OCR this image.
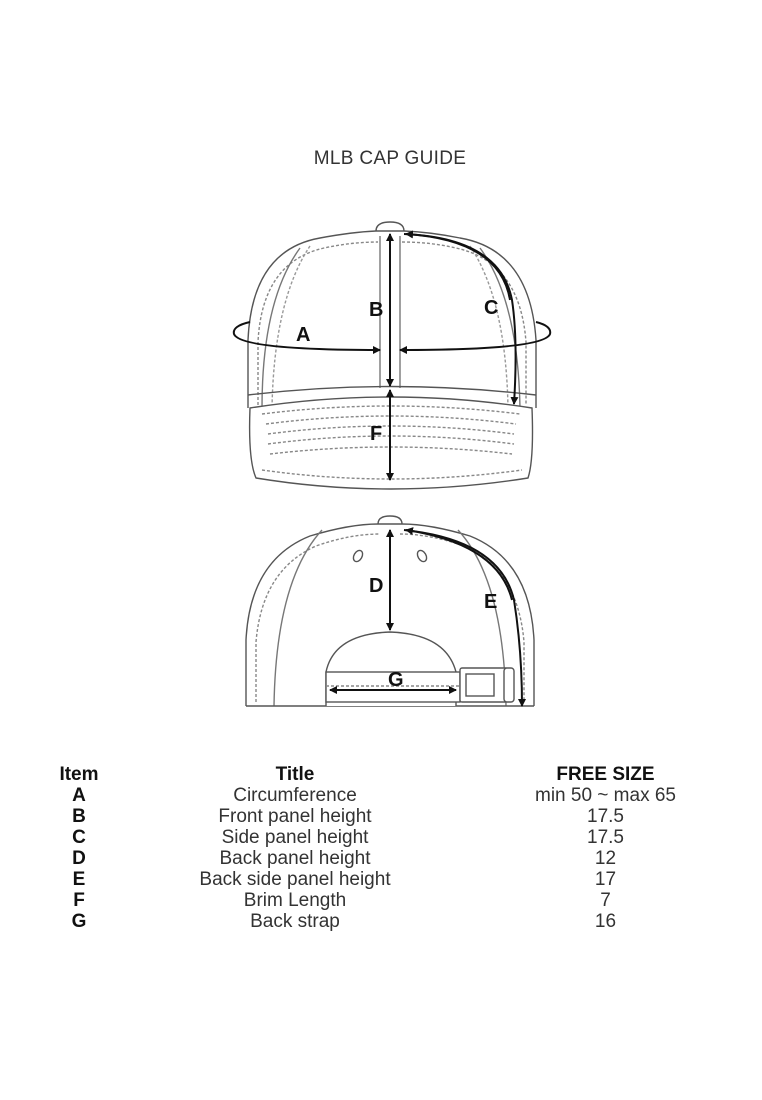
MLB CAP GUIDE
A
B	C
F
D
E
G
Item	Title	FREE SIZE
A	Circumference	min 50 ~ max 65
B	Front panel height	17.5
C	Side panel height	17.5
D	Back panel height	12
E	Back side panel height	17
F	Brim Length	7
G	Back strap	16
